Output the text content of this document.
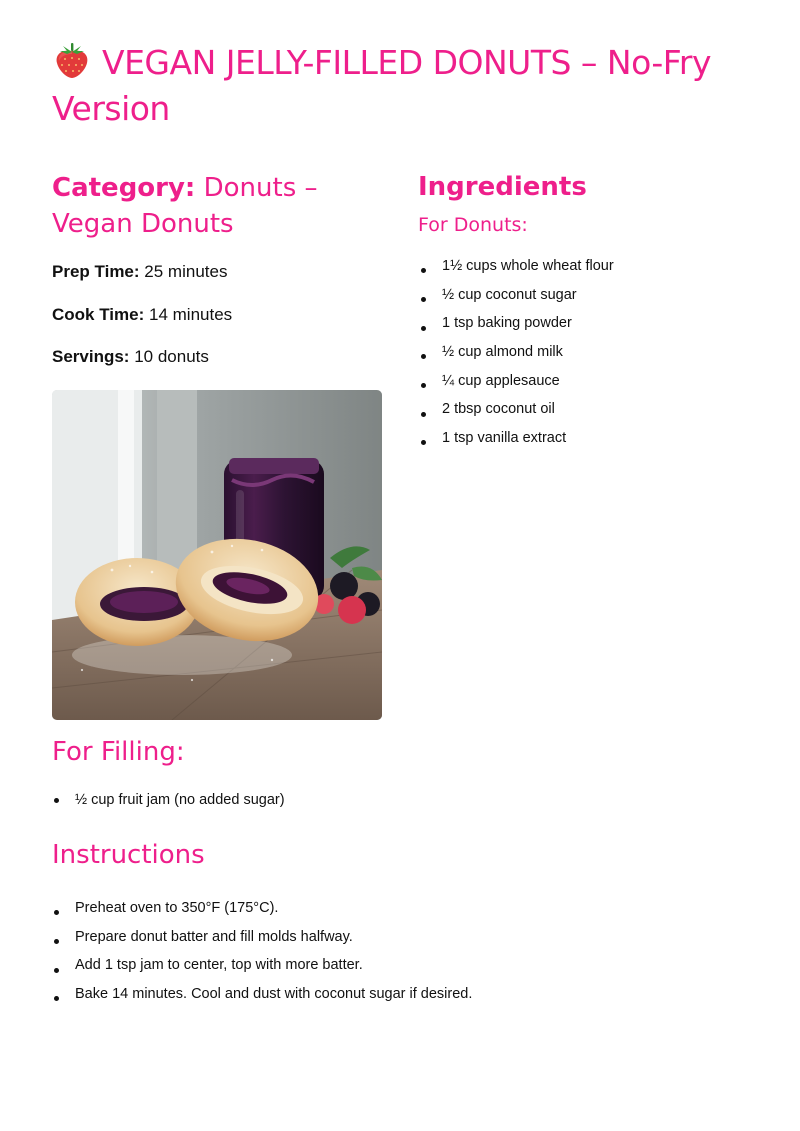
VEGAN JELLY-FILLED DONUTS – No-Fry Version
Category: Donuts – Vegan Donuts
Prep Time: 25 minutes
Cook Time: 14 minutes
Servings: 10 donuts
Ingredients
For Donuts:
1½ cups whole wheat flour
½ cup coconut sugar
1 tsp baking powder
½ cup almond milk
¼ cup applesauce
2 tbsp coconut oil
1 tsp vanilla extract
For Filling:
½ cup fruit jam (no added sugar)
Instructions
Preheat oven to 350°F (175°C).
Prepare donut batter and fill molds halfway.
Add 1 tsp jam to center, top with more batter.
Bake 14 minutes. Cool and dust with coconut sugar if desired.
